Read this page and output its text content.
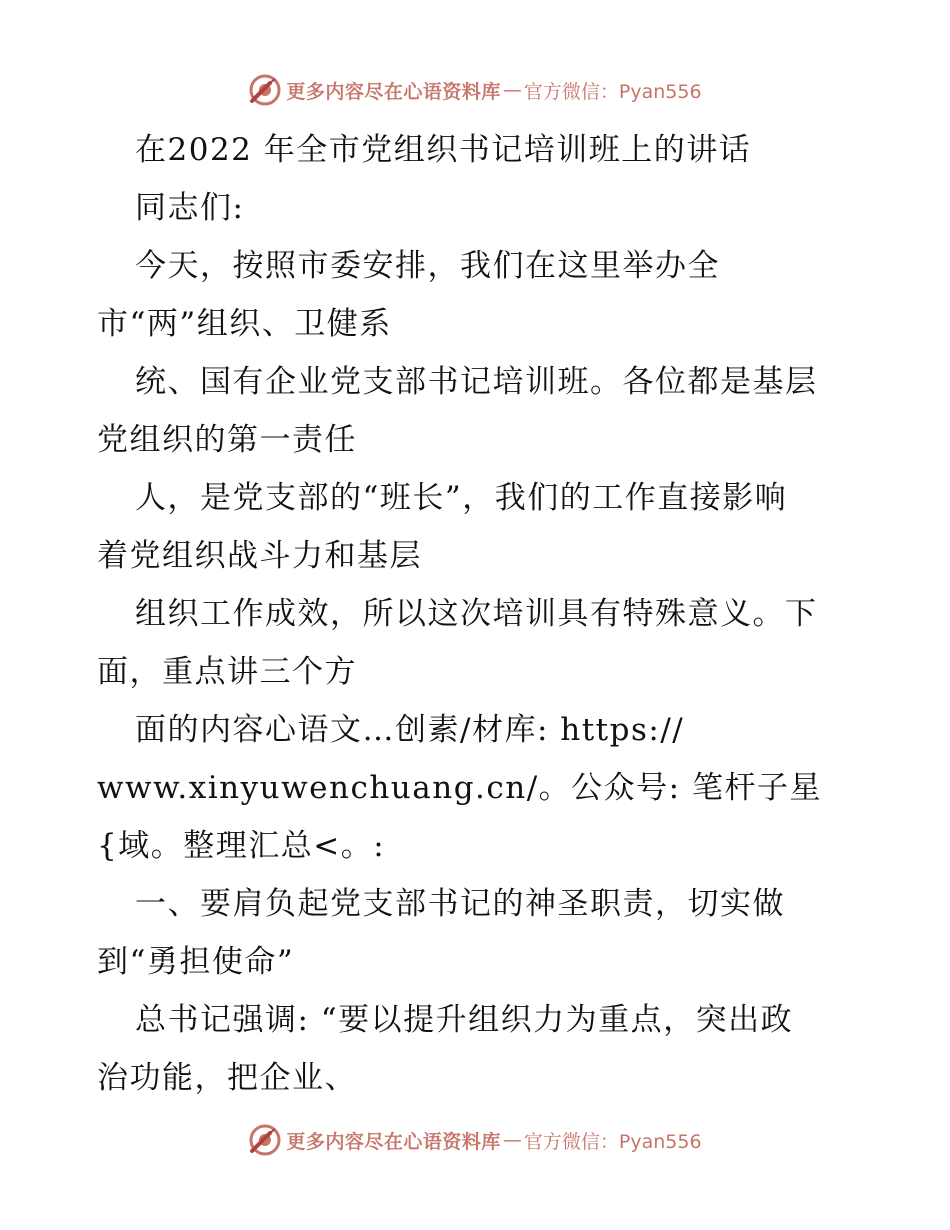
更多内容尽在心语资料库 — 官方微信：Pyan556
在2022 年全市党组织书记培训班上的讲话
同志们:
今天，按照市委安排，我们在这里举办全
市“两”组织、卫健系
统、国有企业党支部书记培训班。各位都是基层
党组织的第一责任
人，是党支部的“班长”，我们的工作直接影响
着党组织战斗力和基层
组织工作成效，所以这次培训具有特殊意义。下
面，重点讲三个方
面的内容心语文…创素/材库: https://
www.xinyuwenchuang.cn/。公众号: 笔杆子星
{域。整理汇总<。:
一、要肩负起党支部书记的神圣职责，切实做
到“勇担使命”
总书记强调: “要以提升组织力为重点，突出政
治功能，把企业、
更多内容尽在心语资料库 — 官方微信：Pyan556
